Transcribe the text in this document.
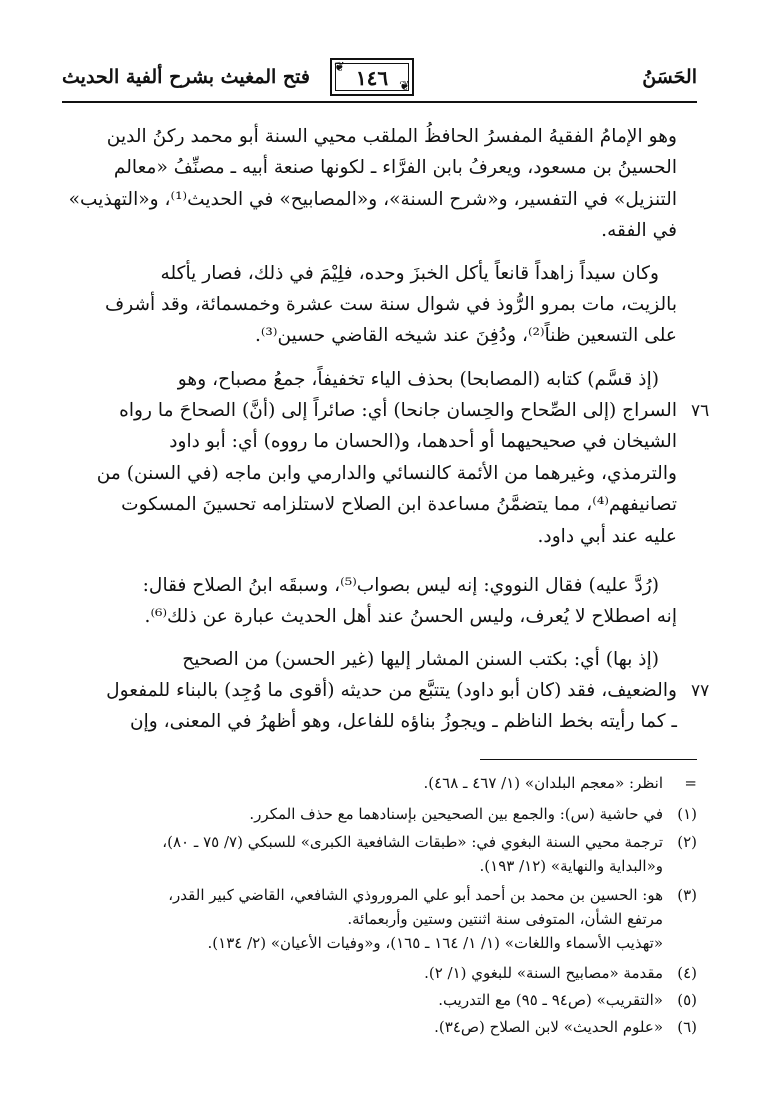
فتح المغيث بشرح ألفية الحديث	❦
❦
١٤٦	الحَسَنُ
وهو الإمامُ الفقيهُ المفسرُ الحافظُ الملقب محيي السنة أبو محمد ركنُ الدين
الحسينُ بن مسعود، ويعرفُ بابن الفرَّاء ـ لكونها صنعة أبيه ـ مصنِّفُ «معالم
التنزيل» في التفسير، و«شرح السنة»، و«المصابيح» في الحديث⁽¹⁾، و«التهذيب»
في الفقه.
وكان سيداً زاهداً قانعاً يأكل الخبزَ وحده، فلِيْمَ في ذلك، فصار يأكله
بالزيت، مات بمرو الرُّوذ في شوال سنة ست عشرة وخمسمائة، وقد أشرف
على التسعين ظناً⁽²⁾، ودُفِنَ عند شيخه القاضي حسين⁽³⁾.
(إذ قسَّم) كتابه (المصابحا) بحذف الياء تخفيفاً، جمعُ مصباح، وهو
٧٦
السراج (إلى الصِّحاح والحِسان جانحا) أي: صائراً إلى (أنَّ) الصحاحَ ما رواه
الشيخان في صحيحيهما أو أحدهما، و(الحسان ما رووه) أي: أبو داود
والترمذي، وغيرهما من الأئمة كالنسائي والدارمي وابن ماجه (في السنن) من
تصانيفهم⁽⁴⁾، مما يتضمَّنُ مساعدة ابن الصلاح لاستلزامه تحسينَ المسكوت
عليه عند أبي داود.
(رُدَّ عليه) فقال النووي: إنه ليس بصواب⁽⁵⁾، وسبقَه ابنُ الصلاح فقال:
إنه اصطلاح لا يُعرف، وليس الحسنُ عند أهل الحديث عبارة عن ذلك⁽⁶⁾.
(إذ بها) أي: بكتب السنن المشار إليها (غير الحسن) من الصحيح
٧٧
والضعيف، فقد (كان أبو داود) يتتبَّع من حديثه (أقوى ما وُجِد) بالبناء للمفعول
ـ كما رأيته بخط الناظم ـ ويجوزُ بناؤه للفاعل، وهو أظهرُ في المعنى، وإن
=انظر: «معجم البلدان» (١/ ٤٦٧ ـ ٤٦٨).
(١)في حاشية (س): والجمع بين الصحيحين بإسنادهما مع حذف المكرر.
(٢)ترجمة محيي السنة البغوي في: «طبقات الشافعية الكبرى» للسبكي (٧/ ٧٥ ـ ٨٠)،
و«البداية والنهاية» (١٢/ ١٩٣).
(٣)هو: الحسين بن محمد بن أحمد أبو علي المروروذي الشافعي، القاضي كبير القدر،
مرتفع الشأن، المتوفى سنة اثنتين وستين وأربعمائة.
«تهذيب الأسماء واللغات» (١/ ١/ ١٦٤ ـ ١٦٥)، و«وفيات الأعيان» (٢/ ١٣٤).
(٤)مقدمة «مصابيح السنة» للبغوي (١/ ٢).
(٥)«التقريب» (ص٩٤ ـ ٩٥) مع التدريب.
(٦)«علوم الحديث» لابن الصلاح (ص٣٤).
